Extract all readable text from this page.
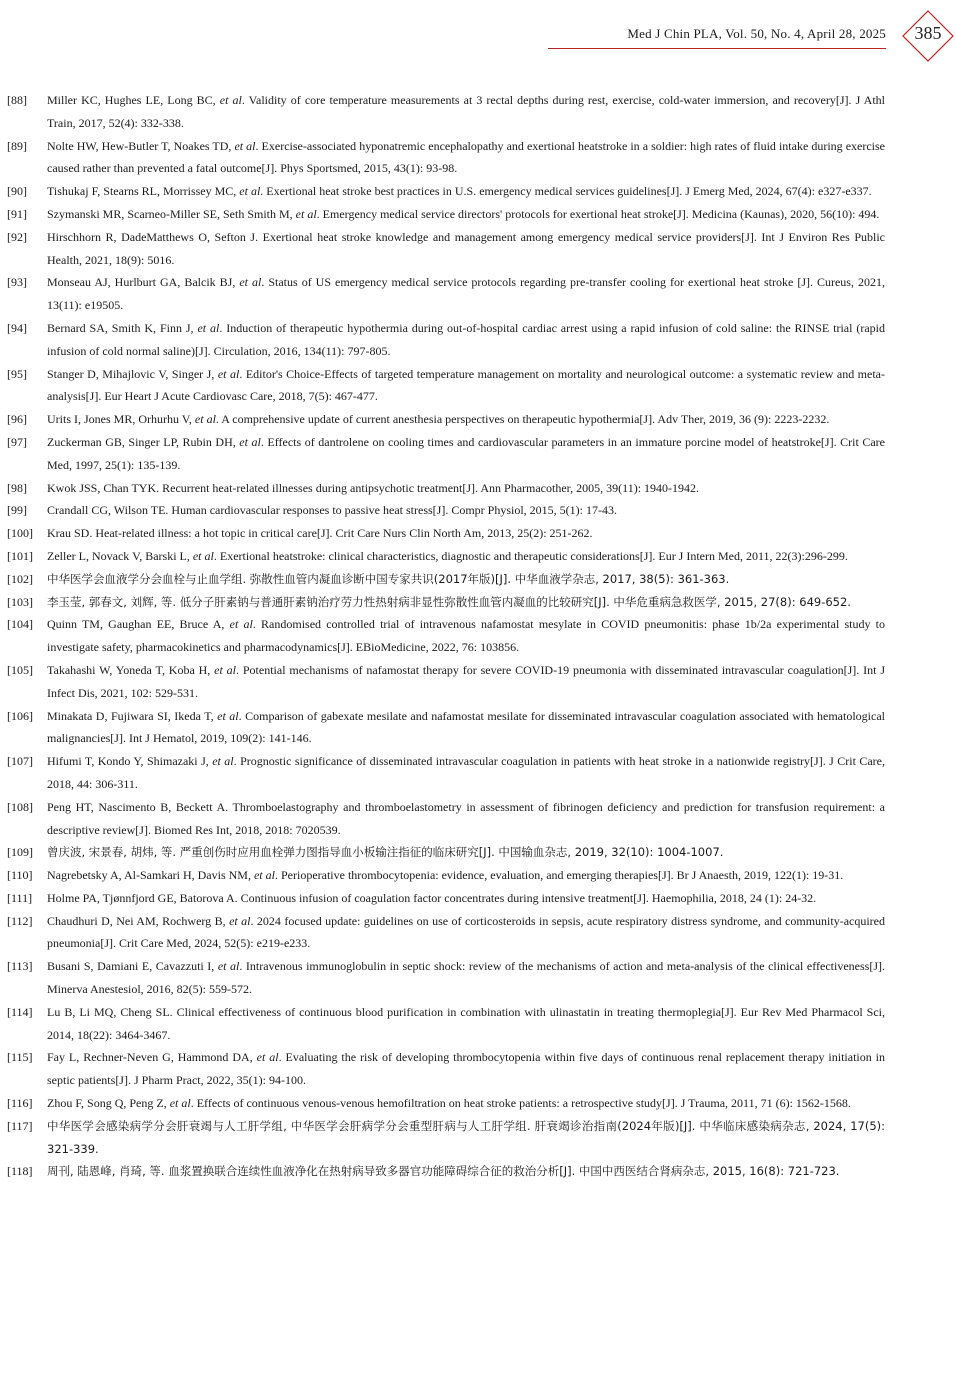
Med J Chin PLA, Vol. 50, No. 4, April 28, 2025	385
[88]	Miller KC, Hughes LE, Long BC, et al. Validity of core temperature measurements at 3 rectal depths during rest, exercise, cold-water immersion, and recovery[J]. J Athl Train, 2017, 52(4): 332-338.
[89]	Nolte HW, Hew-Butler T, Noakes TD, et al. Exercise-associated hyponatremic encephalopathy and exertional heatstroke in a soldier: high rates of fluid intake during exercise caused rather than prevented a fatal outcome[J]. Phys Sportsmed, 2015, 43(1): 93-98.
[90]	Tishukaj F, Stearns RL, Morrissey MC, et al. Exertional heat stroke best practices in U.S. emergency medical services guidelines[J]. J Emerg Med, 2024, 67(4): e327-e337.
[91]	Szymanski MR, Scarneo-Miller SE, Seth Smith M, et al. Emergency medical service directors' protocols for exertional heat stroke[J]. Medicina (Kaunas), 2020, 56(10): 494.
[92]	Hirschhorn R, DadeMatthews O, Sefton J. Exertional heat stroke knowledge and management among emergency medical service providers[J]. Int J Environ Res Public Health, 2021, 18(9): 5016.
[93]	Monseau AJ, Hurlburt GA, Balcik BJ, et al. Status of US emergency medical service protocols regarding pre-transfer cooling for exertional heat stroke [J]. Cureus, 2021, 13(11): e19505.
[94]	Bernard SA, Smith K, Finn J, et al. Induction of therapeutic hypothermia during out-of-hospital cardiac arrest using a rapid infusion of cold saline: the RINSE trial (rapid infusion of cold normal saline)[J]. Circulation, 2016, 134(11): 797-805.
[95]	Stanger D, Mihajlovic V, Singer J, et al. Editor's Choice-Effects of targeted temperature management on mortality and neurological outcome: a systematic review and meta-analysis[J]. Eur Heart J Acute Cardiovasc Care, 2018, 7(5): 467-477.
[96]	Urits I, Jones MR, Orhurhu V, et al. A comprehensive update of current anesthesia perspectives on therapeutic hypothermia[J]. Adv Ther, 2019, 36 (9): 2223-2232.
[97]	Zuckerman GB, Singer LP, Rubin DH, et al. Effects of dantrolene on cooling times and cardiovascular parameters in an immature porcine model of heatstroke[J]. Crit Care Med, 1997, 25(1): 135-139.
[98]	Kwok JSS, Chan TYK. Recurrent heat-related illnesses during antipsychotic treatment[J]. Ann Pharmacother, 2005, 39(11): 1940-1942.
[99]	Crandall CG, Wilson TE. Human cardiovascular responses to passive heat stress[J]. Compr Physiol, 2015, 5(1): 17-43.
[100]	Krau SD. Heat-related illness: a hot topic in critical care[J]. Crit Care Nurs Clin North Am, 2013, 25(2): 251-262.
[101]	Zeller L, Novack V, Barski L, et al. Exertional heatstroke: clinical characteristics, diagnostic and therapeutic considerations[J]. Eur J Intern Med, 2011, 22(3):296-299.
[102]	中华医学会血液学分会血栓与止血学组. 弥散性血管内凝血诊断中国专家共识(2017年版)[J]. 中华血液学杂志, 2017, 38(5): 361-363.
[103]	李玉莹, 郭春文, 刘辉, 等. 低分子肝素钠与普通肝素钠治疗劳力性热射病非显性弥散性血管内凝血的比较研究[J]. 中华危重病急救医学, 2015, 27(8): 649-652.
[104]	Quinn TM, Gaughan EE, Bruce A, et al. Randomised controlled trial of intravenous nafamostat mesylate in COVID pneumonitis: phase 1b/2a experimental study to investigate safety, pharmacokinetics and pharmacodynamics[J]. EBioMedicine, 2022, 76: 103856.
[105]	Takahashi W, Yoneda T, Koba H, et al. Potential mechanisms of nafamostat therapy for severe COVID-19 pneumonia with disseminated intravascular coagulation[J]. Int J Infect Dis, 2021, 102: 529-531.
[106]	Minakata D, Fujiwara SI, Ikeda T, et al. Comparison of gabexate mesilate and nafamostat mesilate for disseminated intravascular coagulation associated with hematological malignancies[J]. Int J Hematol, 2019, 109(2): 141-146.
[107]	Hifumi T, Kondo Y, Shimazaki J, et al. Prognostic significance of disseminated intravascular coagulation in patients with heat stroke in a nationwide registry[J]. J Crit Care, 2018, 44: 306-311.
[108]	Peng HT, Nascimento B, Beckett A. Thromboelastography and thromboelastometry in assessment of fibrinogen deficiency and prediction for transfusion requirement: a descriptive review[J]. Biomed Res Int, 2018, 2018: 7020539.
[109]	曾庆波, 宋景春, 胡炜, 等. 严重创伤时应用血栓弹力图指导血小板输注指征的临床研究[J]. 中国输血杂志, 2019, 32(10): 1004-1007.
[110]	Nagrebetsky A, Al-Samkari H, Davis NM, et al. Perioperative thrombocytopenia: evidence, evaluation, and emerging therapies[J]. Br J Anaesth, 2019, 122(1): 19-31.
[111]	Holme PA, Tjønnfjord GE, Batorova A. Continuous infusion of coagulation factor concentrates during intensive treatment[J]. Haemophilia, 2018, 24 (1): 24-32.
[112]	Chaudhuri D, Nei AM, Rochwerg B, et al. 2024 focused update: guidelines on use of corticosteroids in sepsis, acute respiratory distress syndrome, and community-acquired pneumonia[J]. Crit Care Med, 2024, 52(5): e219-e233.
[113]	Busani S, Damiani E, Cavazzuti I, et al. Intravenous immunoglobulin in septic shock: review of the mechanisms of action and meta-analysis of the clinical effectiveness[J]. Minerva Anestesiol, 2016, 82(5): 559-572.
[114]	Lu B, Li MQ, Cheng SL. Clinical effectiveness of continuous blood purification in combination with ulinastatin in treating thermoplegia[J]. Eur Rev Med Pharmacol Sci, 2014, 18(22): 3464-3467.
[115]	Fay L, Rechner-Neven G, Hammond DA, et al. Evaluating the risk of developing thrombocytopenia within five days of continuous renal replacement therapy initiation in septic patients[J]. J Pharm Pract, 2022, 35(1): 94-100.
[116]	Zhou F, Song Q, Peng Z, et al. Effects of continuous venous-venous hemofiltration on heat stroke patients: a retrospective study[J]. J Trauma, 2011, 71 (6): 1562-1568.
[117]	中华医学会感染病学分会肝衰竭与人工肝学组, 中华医学会肝病学分会重型肝病与人工肝学组. 肝衰竭诊治指南(2024年版)[J]. 中华临床感染病杂志, 2024, 17(5): 321-339.
[118]	周刊, 陆恩峰, 肖琦, 等. 血浆置换联合连续性血液净化在热射病导致多器官功能障碍综合征的救治分析[J]. 中国中西医结合肾病杂志, 2015, 16(8): 721-723.
